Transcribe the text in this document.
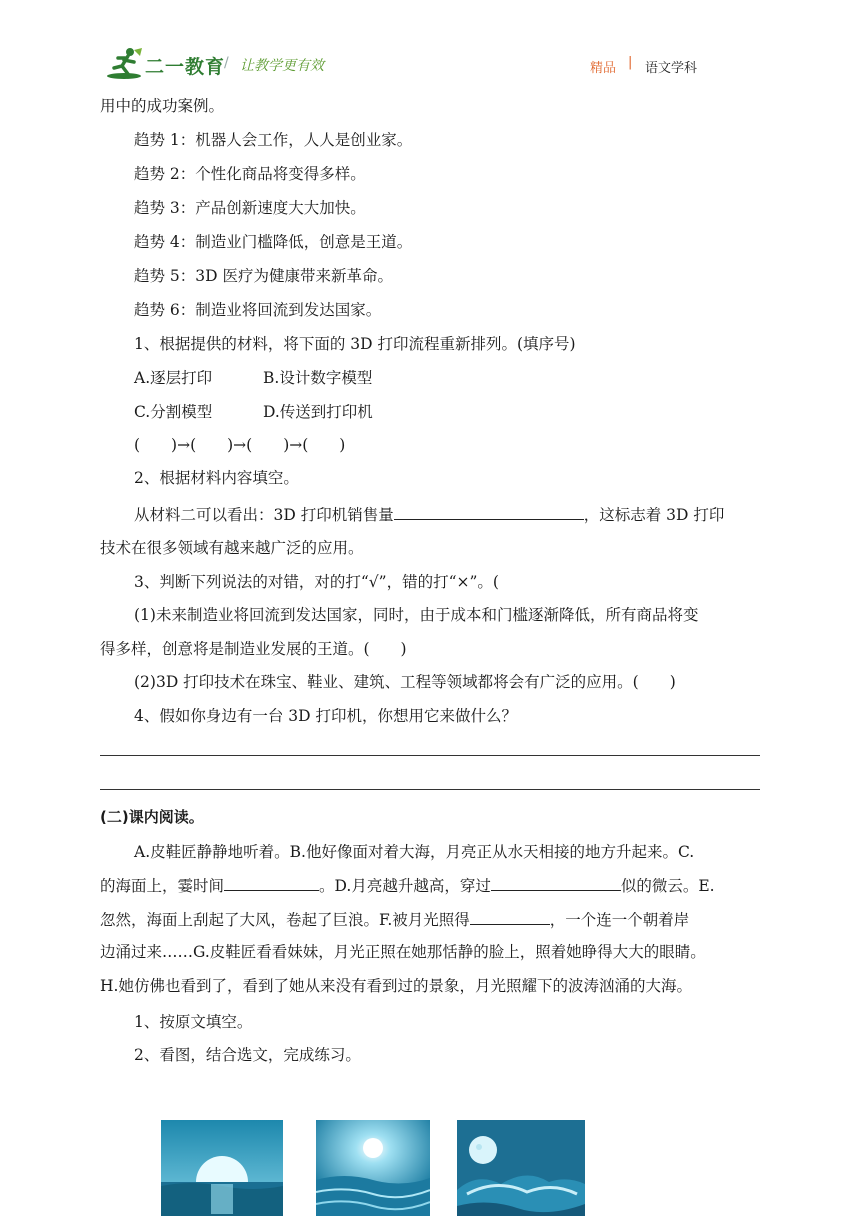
二一教育 让教学更有效
/	精品 | 语文学科
用中的成功案例。
趋势 1：机器人会工作，人人是创业家。
趋势 2：个性化商品将变得多样。
趋势 3：产品创新速度大大加快。
趋势 4：制造业门槛降低，创意是王道。
趋势 5：3D 医疗为健康带来新革命。
趋势 6：制造业将回流到发达国家。
1、根据提供的材料，将下面的 3D 打印流程重新排列。(填序号)
A.逐层打印	B.设计数字模型
C.分割模型	D.传送到打印机
(　　)→(　　)→(　　)→(　　)
2、根据材料内容填空。
从材料二可以看出：3D 打印机销售量	，这标志着 3D 打印
技术在很多领域有越来越广泛的应用。
3、判断下列说法的对错，对的打“√”，错的打“×”。(
(1)未来制造业将回流到发达国家，同时，由于成本和门槛逐渐降低，所有商品将变
得多样，创意将是制造业发展的王道。(　　)
(2)3D 打印技术在珠宝、鞋业、建筑、工程等领域都将会有广泛的应用。(　　)
4、假如你身边有一台 3D 打印机，你想用它来做什么？
(二)课内阅读。
A.皮鞋匠静静地听着。B.他好像面对着大海，月亮正从水天相接的地方升起来。C.
的海面上，霎时间	。D.月亮越升越高，穿过	似的微云。E.
忽然，海面上刮起了大风，卷起了巨浪。F.被月光照得	，一个连一个朝着岸
边涌过来……G.皮鞋匠看看妹妹，月光正照在她那恬静的脸上，照着她睁得大大的眼睛。
H.她仿佛也看到了，看到了她从来没有看到过的景象，月光照耀下的波涛汹涌的大海。
1、按原文填空。
2、看图，结合选文，完成练习。
